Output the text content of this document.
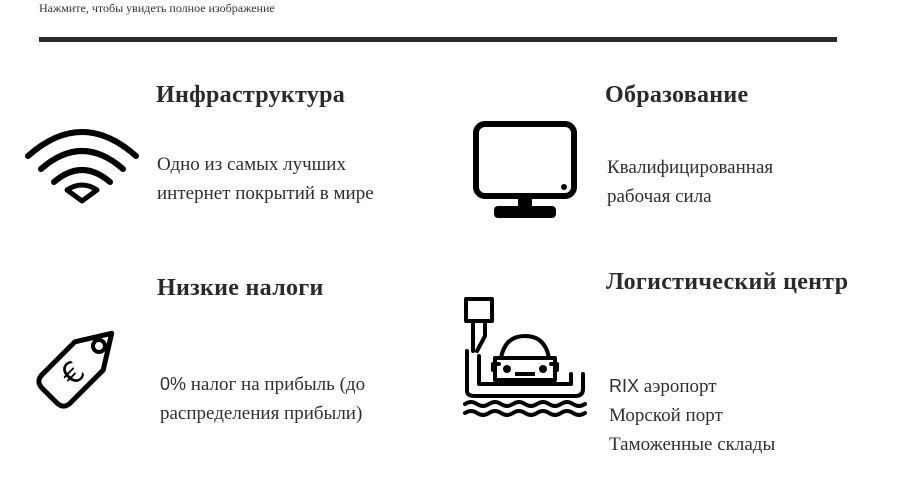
Нажмите, чтобы увидеть полное изображение
Инфраструктура
Одно из самых лучших
интернет покрытий в мире
Образование
Квалифицированная
рабочая сила
€
Низкие налоги
0% налог на прибыль (до
распределения прибыли)
Логистический центр
RIX аэропорт
Морской порт
Таможенные склады
